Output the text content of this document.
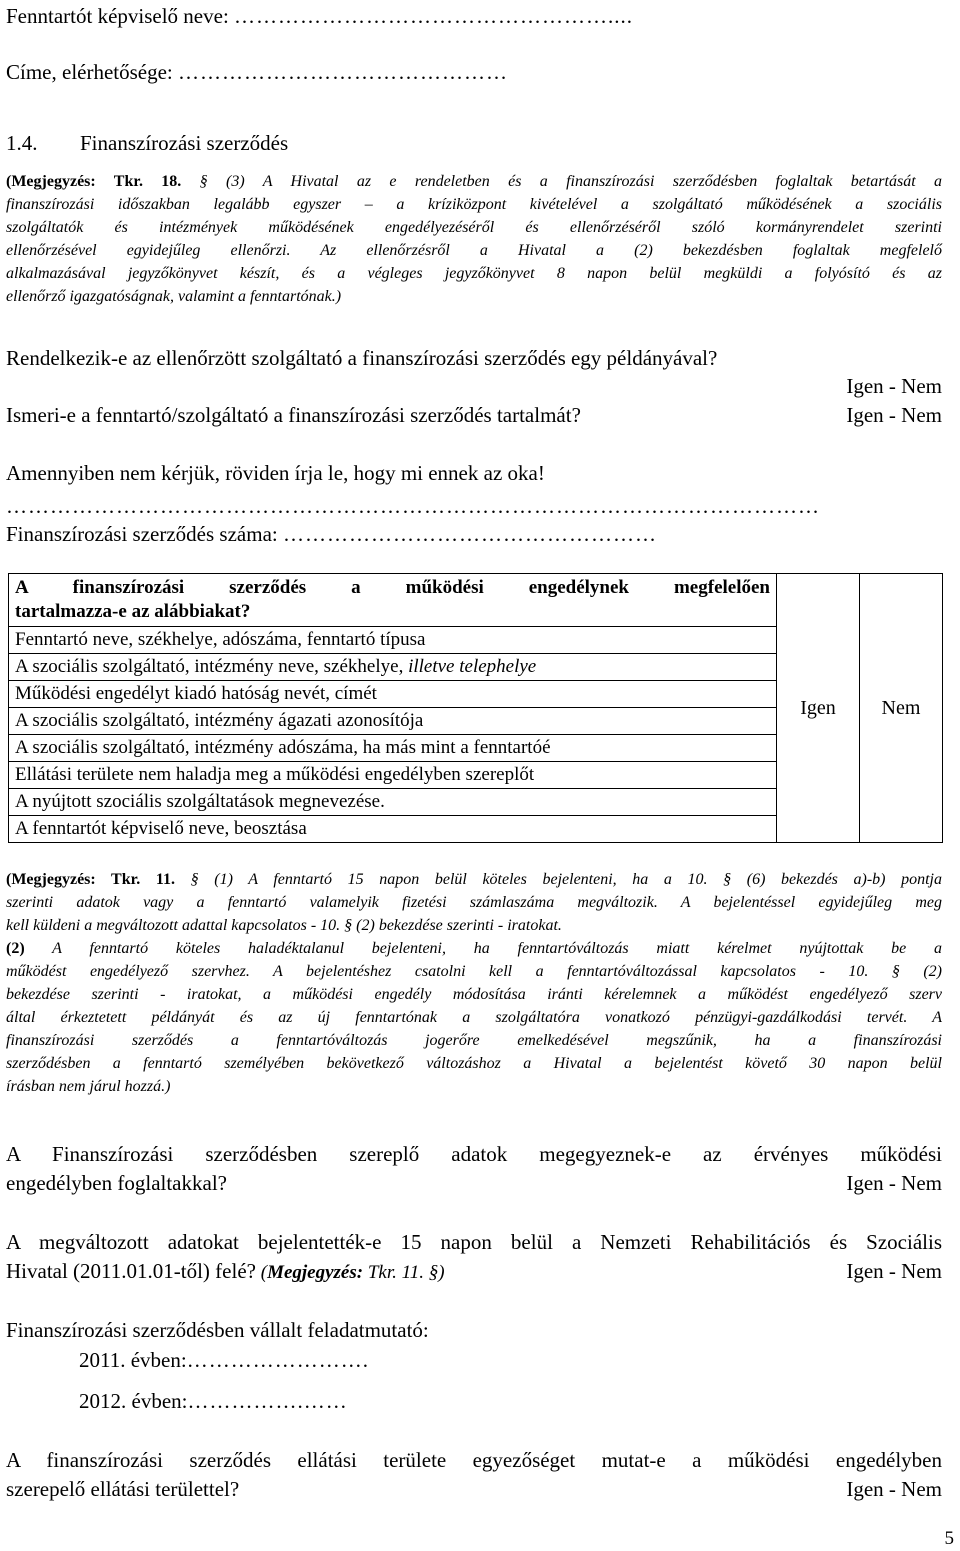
Fenntartót képviselő neve: ……………………………………………....
Címe, elérhetősége: ………………………………………
1.4. Finanszírozási szerződés
(Megjegyzés: Tkr. 18. § (3) A Hivatal az e rendeletben és a finanszírozási szerződésben foglaltak betartását a
finanszírozási időszakban legalább egyszer – a kríziközpont kivételével a szolgáltató működésének a szociális
szolgáltatók és intézmények működésének engedélyezéséről és ellenőrzéséről szóló kormányrendelet szerinti
ellenőrzésével egyidejűleg ellenőrzi. Az ellenőrzésről a Hivatal a (2) bekezdésben foglaltak megfelelő
alkalmazásával jegyzőkönyvet készít, és a végleges jegyzőkönyvet 8 napon belül megküldi a folyósító és az
ellenőrző igazgatóságnak, valamint a fenntartónak.)
Rendelkezik-e az ellenőrzött szolgáltató a finanszírozási szerződés egy példányával?
Igen - Nem
Ismeri-e a fenntartó/szolgáltató a finanszírozási szerződés tartalmát?	Igen - Nem
Amennyiben nem kérjük, röviden írja le, hogy mi ennek az oka!
…………………………………………………………………………………………………
Finanszírozási szerződés száma: ……………………………………………
A finanszírozási szerződés a működési engedélynek megfelelően
tartalmazza-e az alábbiakat?
	Igen	Nem
Fenntartó neve, székhelye, adószáma, fenntartó típusa
A szociális szolgáltató, intézmény neve, székhelye, illetve telephelye
Működési engedélyt kiadó hatóság nevét, címét
A szociális szolgáltató, intézmény ágazati azonosítója
A szociális szolgáltató, intézmény adószáma, ha más mint a fenntartóé
Ellátási területe nem haladja meg a működési engedélyben szereplőt
A nyújtott szociális szolgáltatások megnevezése.
A fenntartót képviselő neve, beosztása
(Megjegyzés: Tkr. 11. § (1) A fenntartó 15 napon belül köteles bejelenteni, ha a 10. § (6) bekezdés a)-b) pontja
szerinti adatok vagy a fenntartó valamelyik fizetési számlaszáma megváltozik. A bejelentéssel egyidejűleg meg
kell küldeni a megváltozott adattal kapcsolatos - 10. § (2) bekezdése szerinti - iratokat.
(2) A fenntartó köteles haladéktalanul bejelenteni, ha fenntartóváltozás miatt kérelmet nyújtottak be a
működést engedélyező szervhez. A bejelentéshez csatolni kell a fenntartóváltozással kapcsolatos - 10. § (2)
bekezdése szerinti - iratokat, a működési engedély módosítása iránti kérelemnek a működést engedélyező szerv
által érkeztetett példányát és az új fenntartónak a szolgáltatóra vonatkozó pénzügyi-gazdálkodási tervét. A
finanszírozási szerződés a fenntartóváltozás jogerőre emelkedésével megszűnik, ha a finanszírozási
szerződésben a fenntartó személyében bekövetkező változáshoz a Hivatal a bejelentést követő 30 napon belül
írásban nem járul hozzá.)
A Finanszírozási szerződésben szereplő adatok megegyeznek-e az érvényes működési
engedélyben foglaltakkal?	Igen - Nem
A megváltozott adatokat bejelentették-e 15 napon belül a Nemzeti Rehabilitációs és Szociális
Hivatal (2011.01.01-től) felé? (Megjegyzés: Tkr. 11. §)	Igen - Nem
Finanszírozási szerződésben vállalt feladatmutató:
2011. évben:…………………….
2012. évben:…………….……
A finanszírozási szerződés ellátási területe egyezőséget mutat-e a működési engedélyben
szerepelő ellátási területtel?	Igen - Nem
5
